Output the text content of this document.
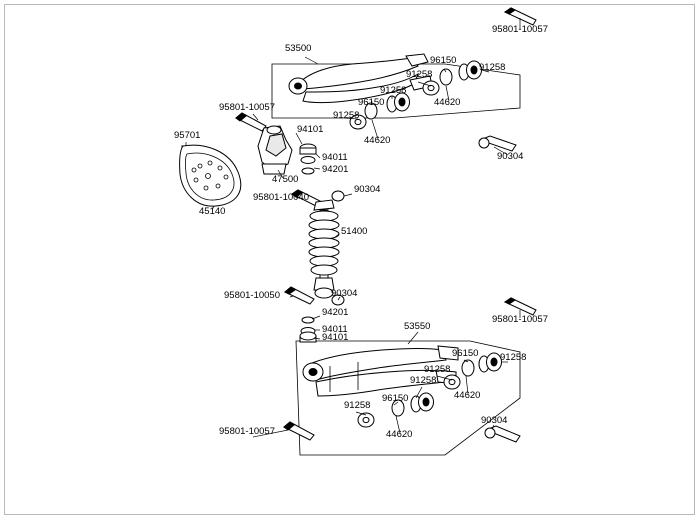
95801-10057
53500
96150
91258
91258
44620
96150
91258
95801-10057
91258
44620
94101
95701
94011
94201
47500
90304
90304
95801-10040
45140
51400
95801-10050	90304
94201
94011
94101
53550
95801-10057
96150 91258
91258
91258
44620
96150
91258
90304
44620
95801-10057
